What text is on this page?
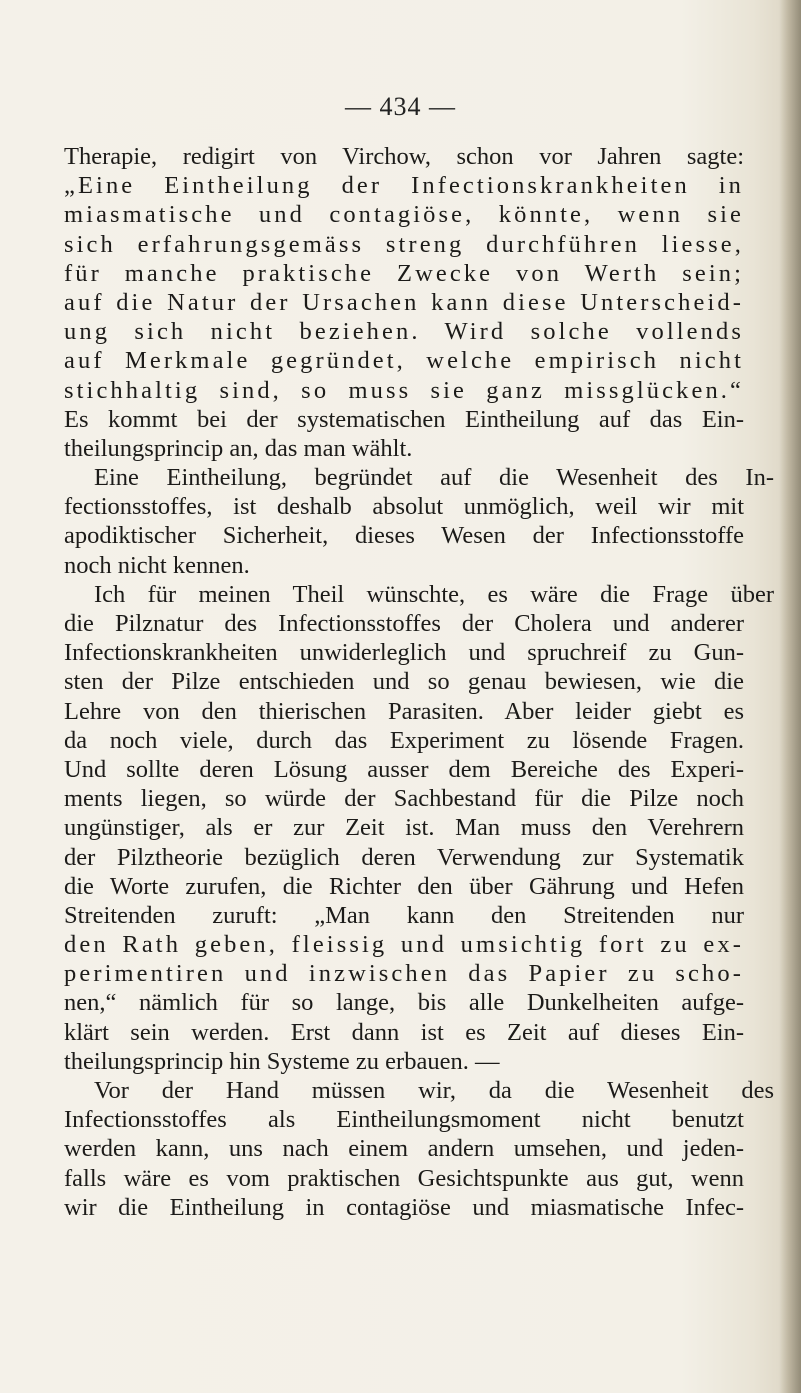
— 434 —
Therapie, redigirt von Virchow, schon vor Jahren sagte:
„Eine Eintheilung der Infectionskrankheiten in
miasmatische und contagiöse, könnte, wenn sie
sich erfahrungsgemäss streng durchführen liesse,
für manche praktische Zwecke von Werth sein;
auf die Natur der Ursachen kann diese Unterscheid-
ung sich nicht beziehen. Wird solche vollends
auf Merkmale gegründet, welche empirisch nicht
stichhaltig sind, so muss sie ganz missglücken.“
Es kommt bei der systematischen Eintheilung auf das Ein-
theilungsprincip an, das man wählt.
Eine Eintheilung, begründet auf die Wesenheit des In-
fectionsstoffes, ist deshalb absolut unmöglich, weil wir mit
apodiktischer Sicherheit, dieses Wesen der Infectionsstoffe
noch nicht kennen.
Ich für meinen Theil wünschte, es wäre die Frage über
die Pilznatur des Infectionsstoffes der Cholera und anderer
Infectionskrankheiten unwiderleglich und spruchreif zu Gun-
sten der Pilze entschieden und so genau bewiesen, wie die
Lehre von den thierischen Parasiten. Aber leider giebt es
da noch viele, durch das Experiment zu lösende Fragen.
Und sollte deren Lösung ausser dem Bereiche des Experi-
ments liegen, so würde der Sachbestand für die Pilze noch
ungünstiger, als er zur Zeit ist. Man muss den Verehrern
der Pilztheorie bezüglich deren Verwendung zur Systematik
die Worte zurufen, die Richter den über Gährung und Hefen
Streitenden zuruft: „Man kann den Streitenden nur
den Rath geben, fleissig und umsichtig fort zu ex-
perimentiren und inzwischen das Papier zu scho-
nen,“ nämlich für so lange, bis alle Dunkelheiten aufge-
klärt sein werden. Erst dann ist es Zeit auf dieses Ein-
theilungsprincip hin Systeme zu erbauen. —
Vor der Hand müssen wir, da die Wesenheit des
Infectionsstoffes als Eintheilungsmoment nicht benutzt
werden kann, uns nach einem andern umsehen, und jeden-
falls wäre es vom praktischen Gesichtspunkte aus gut, wenn
wir die Eintheilung in contagiöse und miasmatische Infec-
